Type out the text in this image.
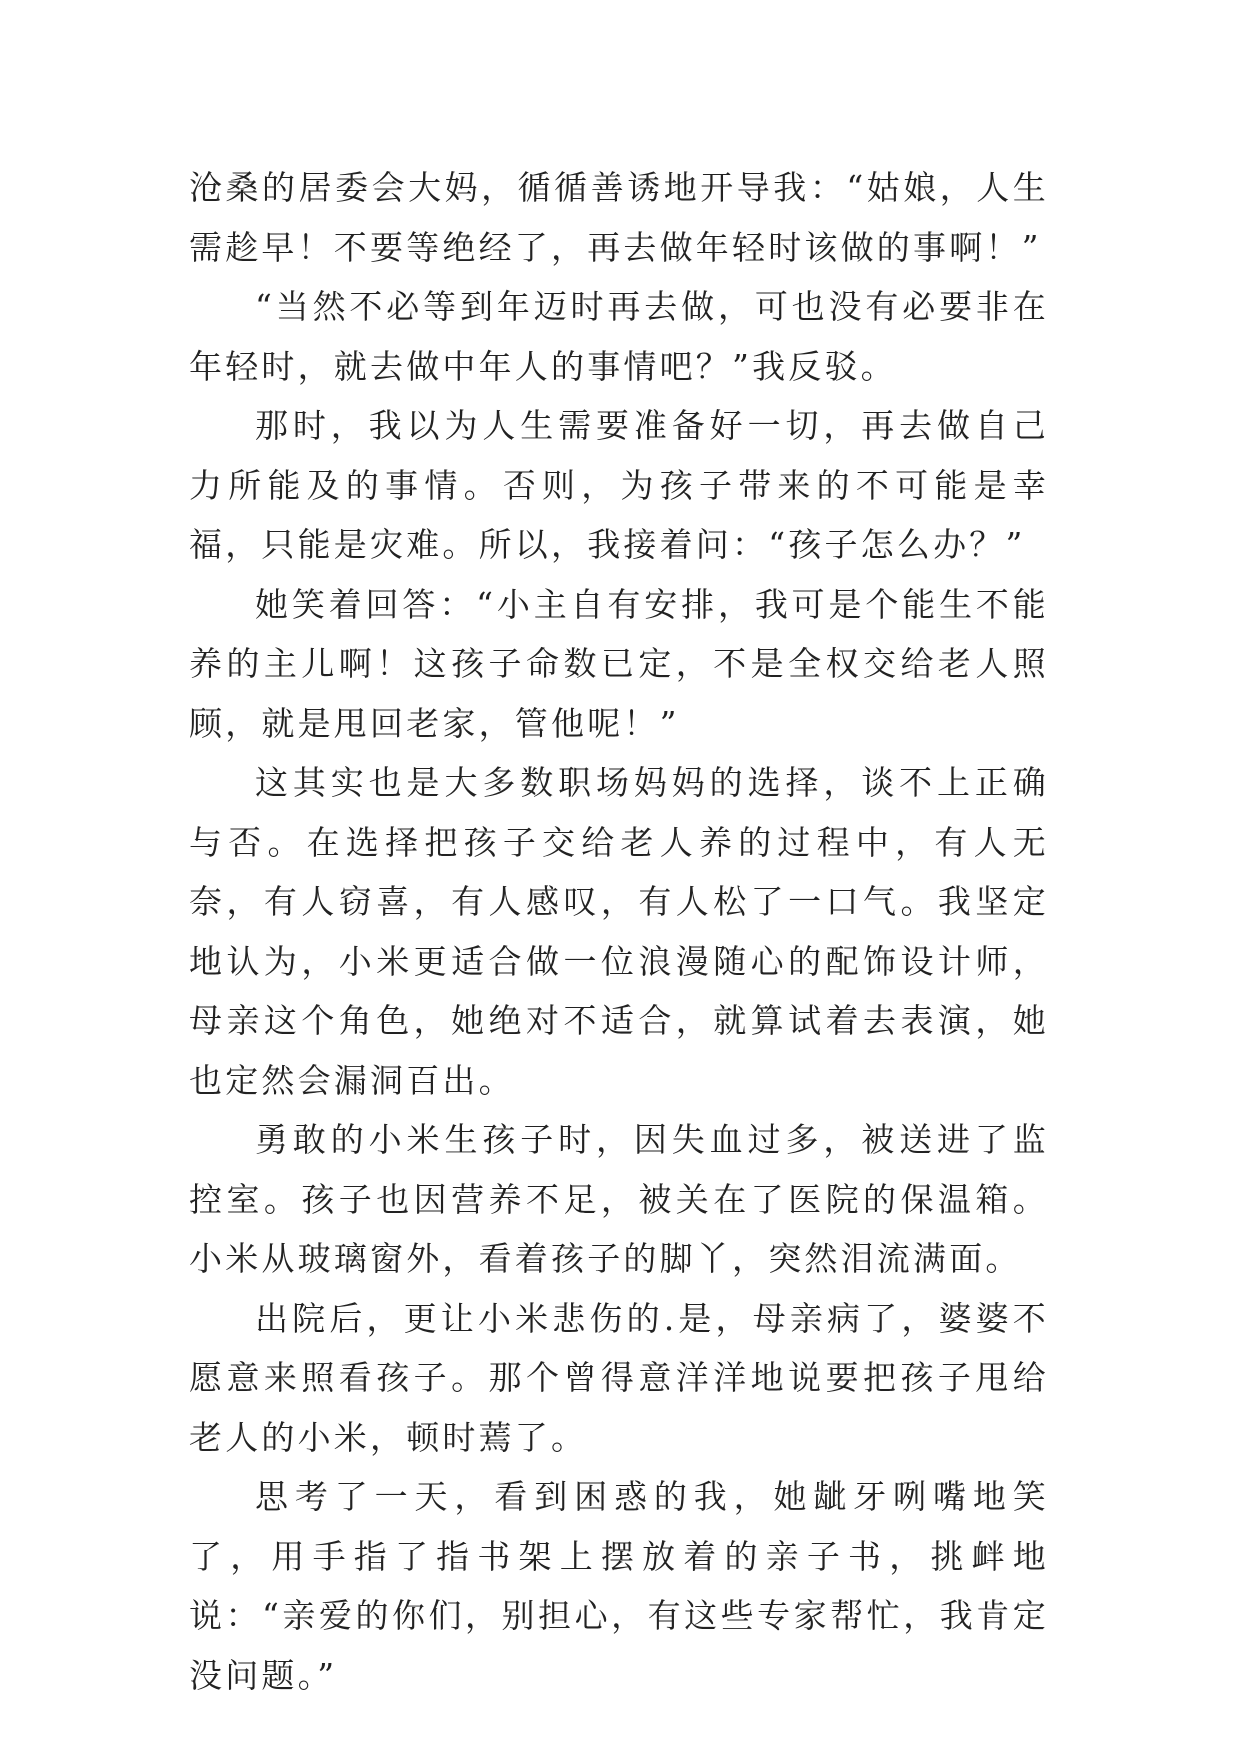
沧桑的居委会大妈，循循善诱地开导我：“姑娘，人生需趁早！不要等绝经了，再去做年轻时该做的事啊！”

“当然不必等到年迈时再去做，可也没有必要非在年轻时，就去做中年人的事情吧？”我反驳。

那时，我以为人生需要准备好一切，再去做自己力所能及的事情。否则，为孩子带来的不可能是幸福，只能是灾难。所以，我接着问：“孩子怎么办？”

她笑着回答：“小主自有安排，我可是个能生不能养的主儿啊！这孩子命数已定，不是全权交给老人照顾，就是甩回老家，管他呢！”

这其实也是大多数职场妈妈的选择，谈不上正确与否。在选择把孩子交给老人养的过程中，有人无奈，有人窃喜，有人感叹，有人松了一口气。我坚定地认为，小米更适合做一位浪漫随心的配饰设计师，母亲这个角色，她绝对不适合，就算试着去表演，她也定然会漏洞百出。

勇敢的小米生孩子时，因失血过多，被送进了监控室。孩子也因营养不足，被关在了医院的保温箱。小米从玻璃窗外，看着孩子的脚丫，突然泪流满面。

出院后，更让小米悲伤的.是，母亲病了，婆婆不愿意来照看孩子。那个曾得意洋洋地说要把孩子甩给老人的小米，顿时蔫了。

思考了一天，看到困惑的我，她龇牙咧嘴地笑了，用手指了指书架上摆放着的亲子书，挑衅地说：“亲爱的你们，别担心，有这些专家帮忙，我肯定没问题。”
